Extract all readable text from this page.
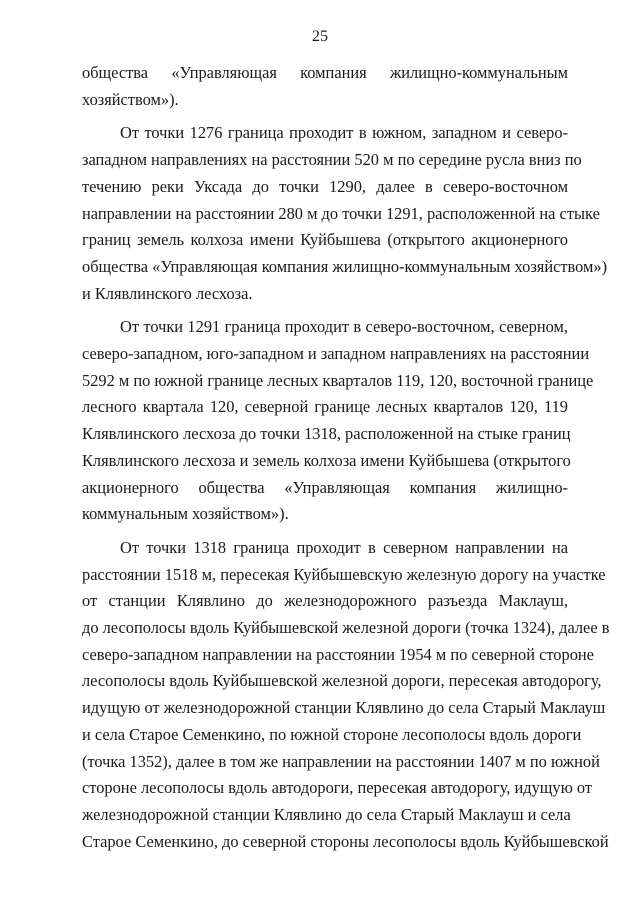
25
общества «Управляющая компания жилищно-коммунальным
хозяйством»).
От точки 1276 граница проходит в южном, западном и северо-
западном направлениях на расстоянии 520 м по середине русла вниз по
течению реки Уксада до точки 1290, далее в северо-восточном
направлении на расстоянии 280 м до точки 1291, расположенной на стыке
границ земель колхоза имени Куйбышева (открытого акционерного
общества «Управляющая компания жилищно-коммунальным хозяйством»)
и Клявлинского лесхоза.
От точки 1291 граница проходит в северо-восточном, северном,
северо-западном, юго-западном и западном направлениях на расстоянии
5292 м по южной границе лесных кварталов 119, 120, восточной границе
лесного квартала 120, северной границе лесных кварталов 120, 119
Клявлинского лесхоза до точки 1318, расположенной на стыке границ
Клявлинского лесхоза и земель колхоза имени Куйбышева (открытого
акционерного общества «Управляющая компания жилищно-
коммунальным хозяйством»).
От точки 1318 граница проходит в северном направлении на
расстоянии 1518 м, пересекая Куйбышевскую железную дорогу на участке
от станции Клявлино до железнодорожного разъезда Маклауш,
до лесополосы вдоль Куйбышевской железной дороги (точка 1324), далее в
северо-западном направлении на расстоянии 1954 м по северной стороне
лесополосы вдоль Куйбышевской железной дороги, пересекая автодорогу,
идущую от железнодорожной станции Клявлино до села Старый Маклауш
и села Старое Семенкино, по южной стороне лесополосы вдоль дороги
(точка 1352), далее в том же направлении на расстоянии 1407 м по южной
стороне лесополосы вдоль автодороги, пересекая автодорогу, идущую от
железнодорожной станции Клявлино до села Старый Маклауш и села
Старое Семенкино, до северной стороны лесополосы вдоль Куйбышевской
